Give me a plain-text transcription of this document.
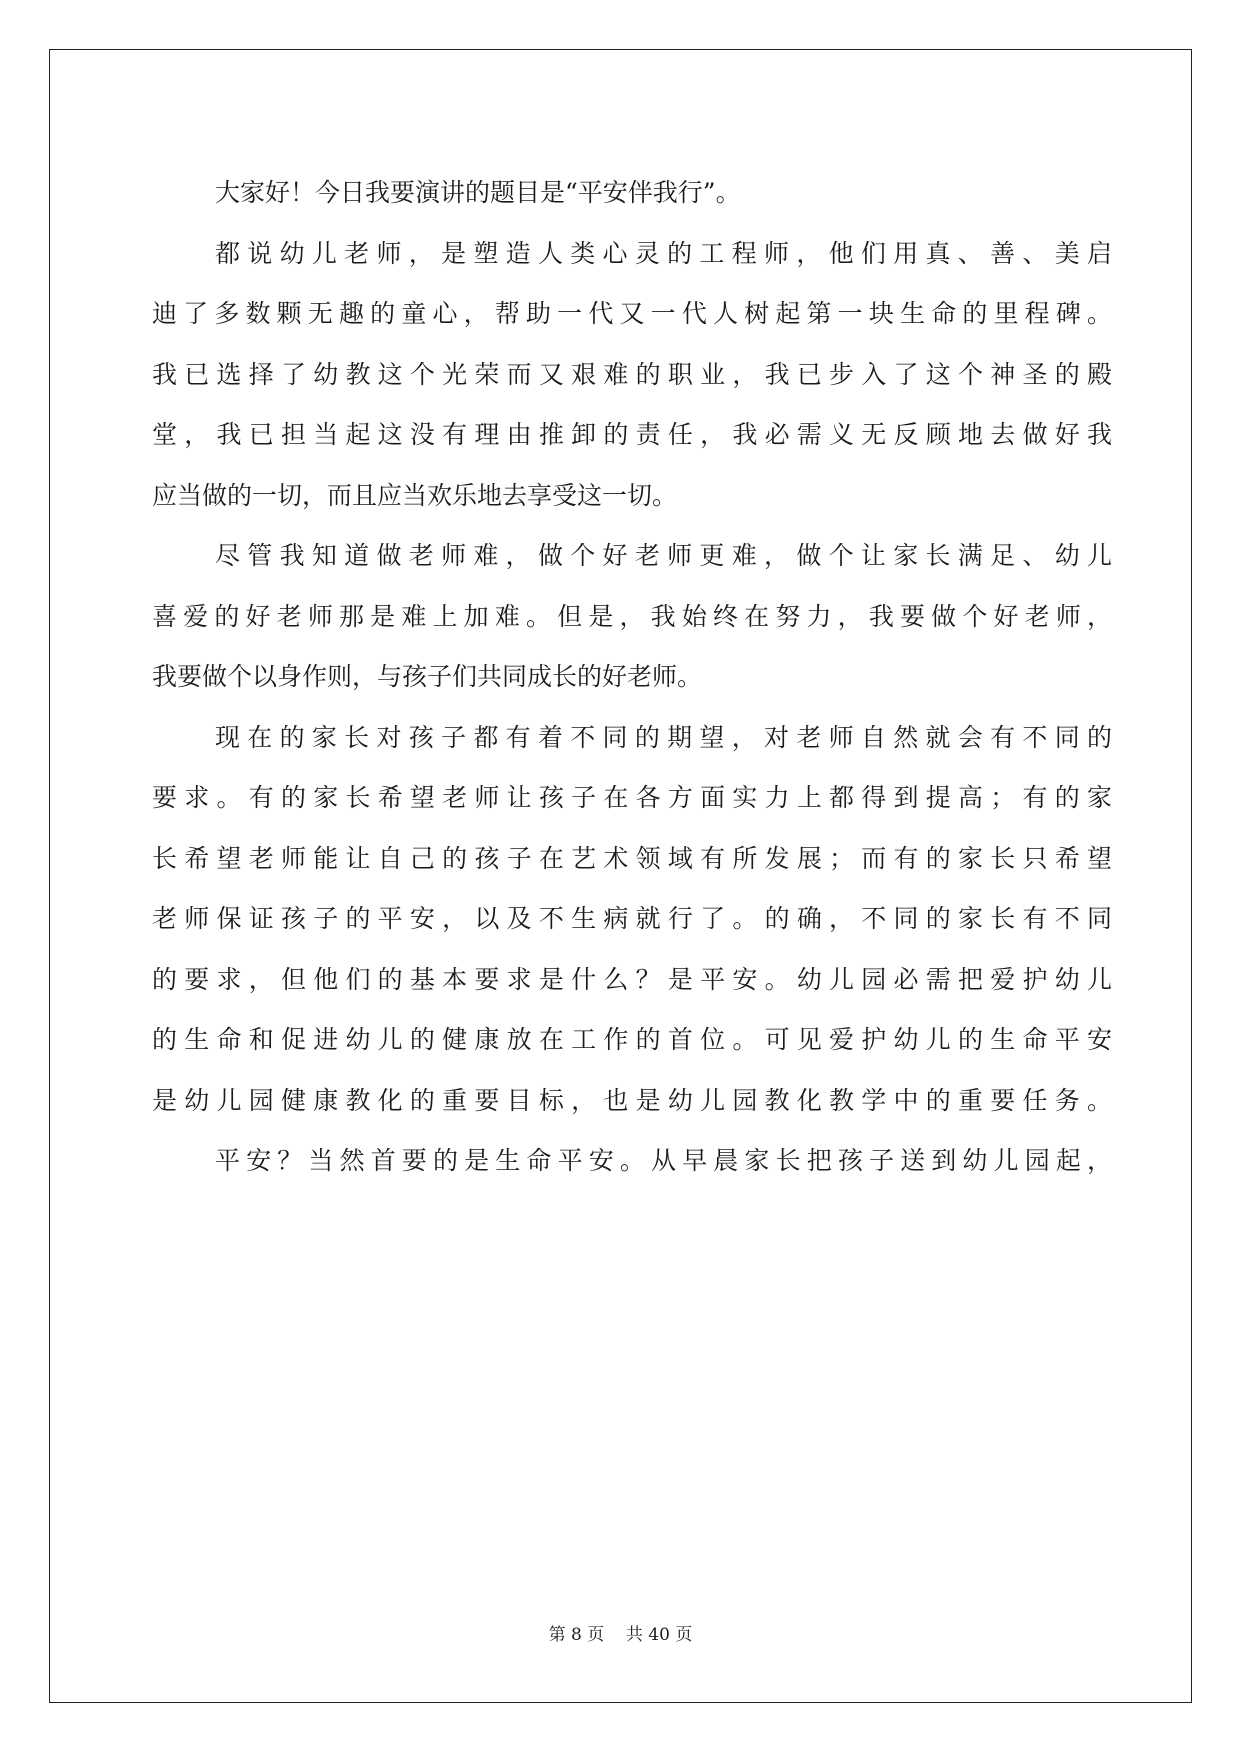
大家好！今日我要演讲的题目是“平安伴我行”。
都说幼儿老师，是塑造人类心灵的工程师，他们用真、善、美启
迪了多数颗无趣的童心，帮助一代又一代人树起第一块生命的里程碑。
我已选择了幼教这个光荣而又艰难的职业，我已步入了这个神圣的殿
堂，我已担当起这没有理由推卸的责任，我必需义无反顾地去做好我
应当做的一切，而且应当欢乐地去享受这一切。
尽管我知道做老师难，做个好老师更难，做个让家长满足、幼儿
喜爱的好老师那是难上加难。但是，我始终在努力，我要做个好老师，
我要做个以身作则，与孩子们共同成长的好老师。
现在的家长对孩子都有着不同的期望，对老师自然就会有不同的
要求。有的家长希望老师让孩子在各方面实力上都得到提高；有的家
长希望老师能让自己的孩子在艺术领域有所发展；而有的家长只希望
老师保证孩子的平安，以及不生病就行了。的确，不同的家长有不同
的要求，但他们的基本要求是什么？是平安。幼儿园必需把爱护幼儿
的生命和促进幼儿的健康放在工作的首位。可见爱护幼儿的生命平安
是幼儿园健康教化的重要目标，也是幼儿园教化教学中的重要任务。
平安？当然首要的是生命平安。从早晨家长把孩子送到幼儿园起，
第 8 页 共 40 页
